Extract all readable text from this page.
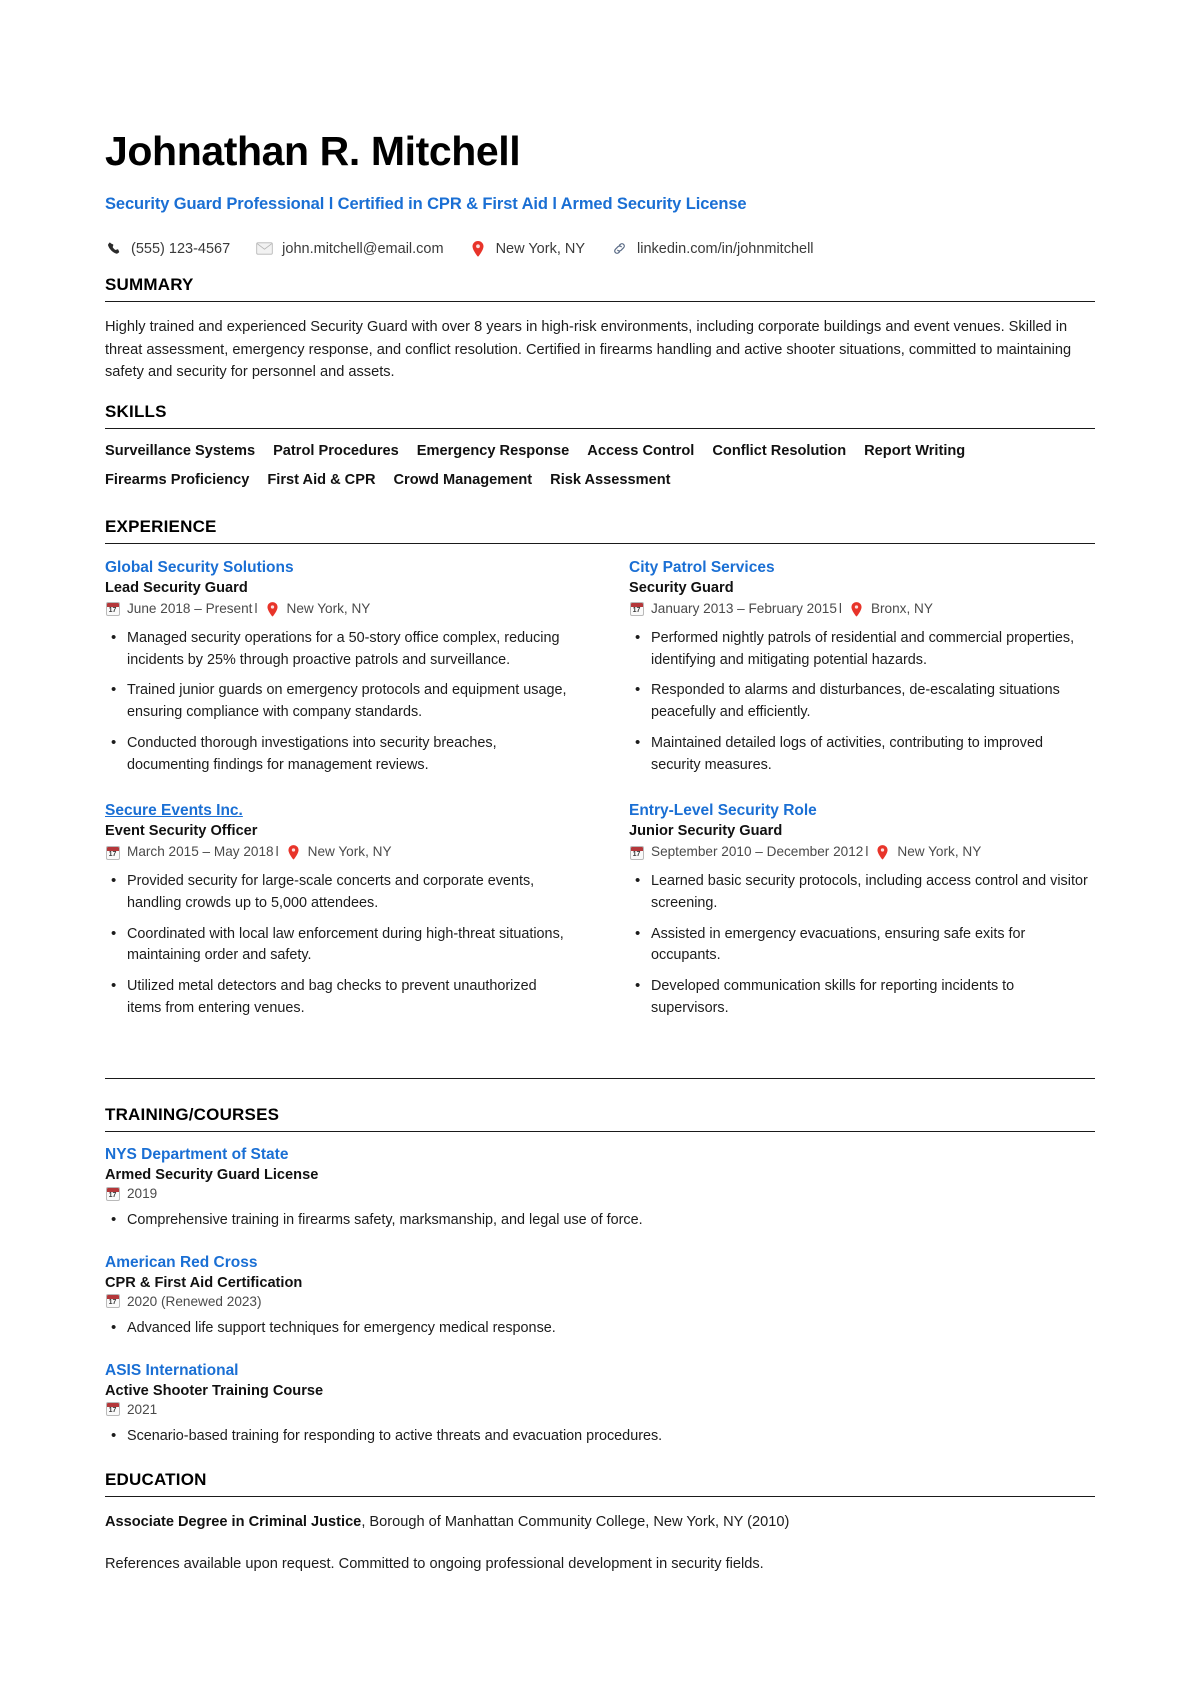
Johnathan R. Mitchell
Security Guard Professional l Certified in CPR & First Aid l Armed Security License
(555) 123-4567	john.mitchell@email.com	New York, NY	linkedin.com/in/johnmitchell
SUMMARY

Highly trained and experienced Security Guard with over 8 years in high-risk environments, including corporate buildings and event venues. Skilled in threat assessment, emergency response, and conflict resolution. Certified in firearms handling and active shooter situations, committed to maintaining safety and security for personnel and assets.

SKILLS
Surveillance Systems Patrol Procedures Emergency Response Access Control Conflict Resolution Report Writing
Firearms Proficiency First Aid & CPR Crowd Management Risk Assessment
EXPERIENCE
Global Security Solutions
Lead Security Guard
17 June 2018 – Present l New York, NY
• Managed security operations for a 50-story office complex, reducing incidents by 25% through proactive patrols and surveillance.
• Trained junior guards on emergency protocols and equipment usage, ensuring compliance with company standards.
• Conducted thorough investigations into security breaches, documenting findings for management reviews.
Secure Events Inc.
Event Security Officer
17 March 2015 – May 2018 l New York, NY
• Provided security for large-scale concerts and corporate events, handling crowds up to 5,000 attendees.
• Coordinated with local law enforcement during high-threat situations, maintaining order and safety.
• Utilized metal detectors and bag checks to prevent unauthorized items from entering venues.
City Patrol Services
Security Guard
17 January 2013 – February 2015 l Bronx, NY
• Performed nightly patrols of residential and commercial properties, identifying and mitigating potential hazards.
• Responded to alarms and disturbances, de-escalating situations peacefully and efficiently.
• Maintained detailed logs of activities, contributing to improved security measures.
Entry-Level Security Role
Junior Security Guard
17 September 2010 – December 2012 l New York, NY
• Learned basic security protocols, including access control and visitor screening.
• Assisted in emergency evacuations, ensuring safe exits for occupants.
• Developed communication skills for reporting incidents to supervisors.
TRAINING/COURSES
NYS Department of State
Armed Security Guard License
17 2019
• Comprehensive training in firearms safety, marksmanship, and legal use of force.
American Red Cross
CPR & First Aid Certification
17 2020 (Renewed 2023)
• Advanced life support techniques for emergency medical response.
ASIS International
Active Shooter Training Course
17 2021
• Scenario-based training for responding to active threats and evacuation procedures.
EDUCATION

Associate Degree in Criminal Justice, Borough of Manhattan Community College, New York, NY (2010)

References available upon request. Committed to ongoing professional development in security fields.
